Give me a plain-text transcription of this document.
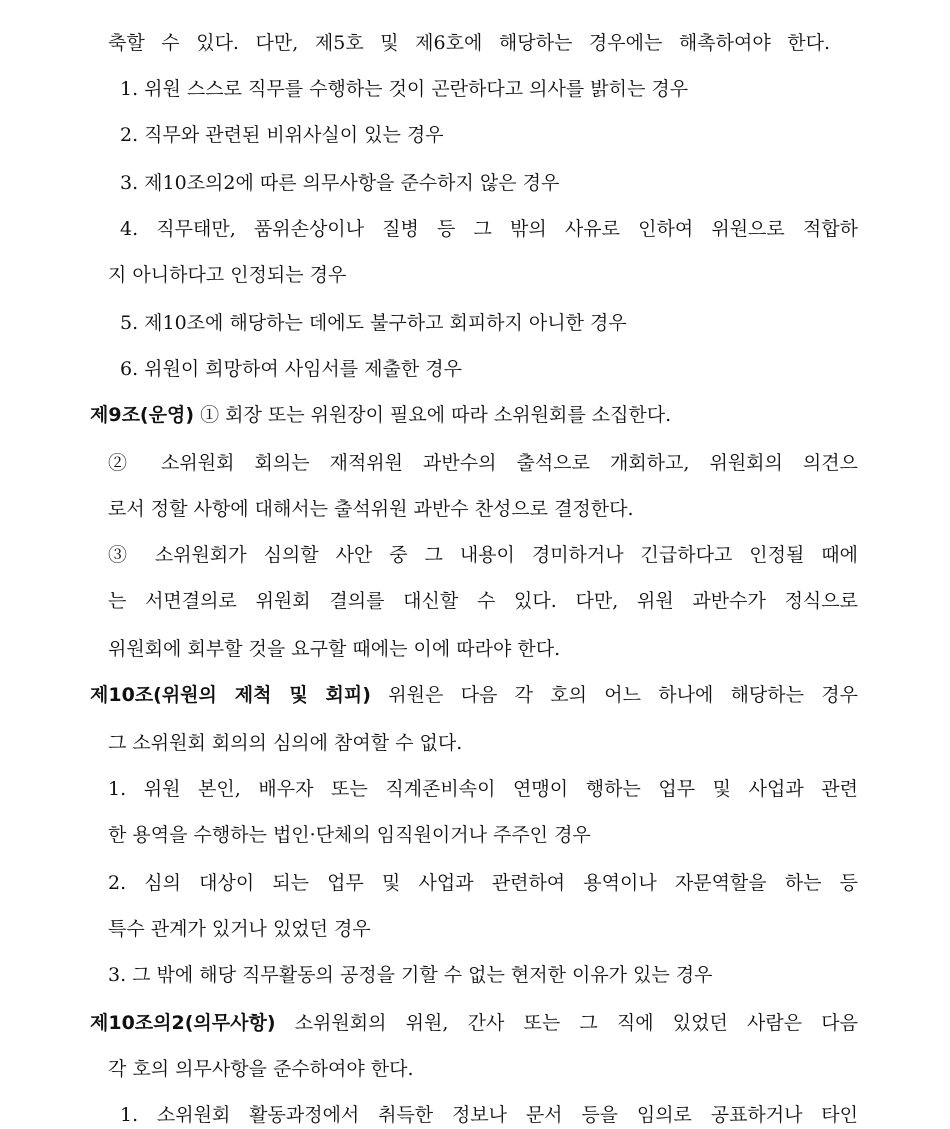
축할 수 있다. 다만, 제5호 및 제6호에 해당하는 경우에는 해촉하여야 한다.
1. 위원 스스로 직무를 수행하는 것이 곤란하다고 의사를 밝히는 경우
2. 직무와 관련된 비위사실이 있는 경우
3. 제10조의2에 따른 의무사항을 준수하지 않은 경우
4. 직무태만, 품위손상이나 질병 등 그 밖의 사유로 인하여 위원으로 적합하
지 아니하다고 인정되는 경우
5. 제10조에 해당하는 데에도 불구하고 회피하지 아니한 경우
6. 위원이 희망하여 사임서를 제출한 경우
제9조(운영) ① 회장 또는 위원장이 필요에 따라 소위원회를 소집한다.
② 소위원회 회의는 재적위원 과반수의 출석으로 개회하고, 위원회의 의견으
로서 정할 사항에 대해서는 출석위원 과반수 찬성으로 결정한다.
③ 소위원회가 심의할 사안 중 그 내용이 경미하거나 긴급하다고 인정될 때에
는 서면결의로 위원회 결의를 대신할 수 있다. 다만, 위원 과반수가 정식으로
위원회에 회부할 것을 요구할 때에는 이에 따라야 한다.
제10조(위원의 제척 및 회피) 위원은 다음 각 호의 어느 하나에 해당하는 경우
그 소위원회 회의의 심의에 참여할 수 없다.
1. 위원 본인, 배우자 또는 직계존비속이 연맹이 행하는 업무 및 사업과 관련
한 용역을 수행하는 법인·단체의 임직원이거나 주주인 경우
2. 심의 대상이 되는 업무 및 사업과 관련하여 용역이나 자문역할을 하는 등
특수 관계가 있거나 있었던 경우
3. 그 밖에 해당 직무활동의 공정을 기할 수 없는 현저한 이유가 있는 경우
제10조의2(의무사항) 소위원회의 위원, 간사 또는 그 직에 있었던 사람은 다음
각 호의 의무사항을 준수하여야 한다.
1. 소위원회 활동과정에서 취득한 정보나 문서 등을 임의로 공표하거나 타인
